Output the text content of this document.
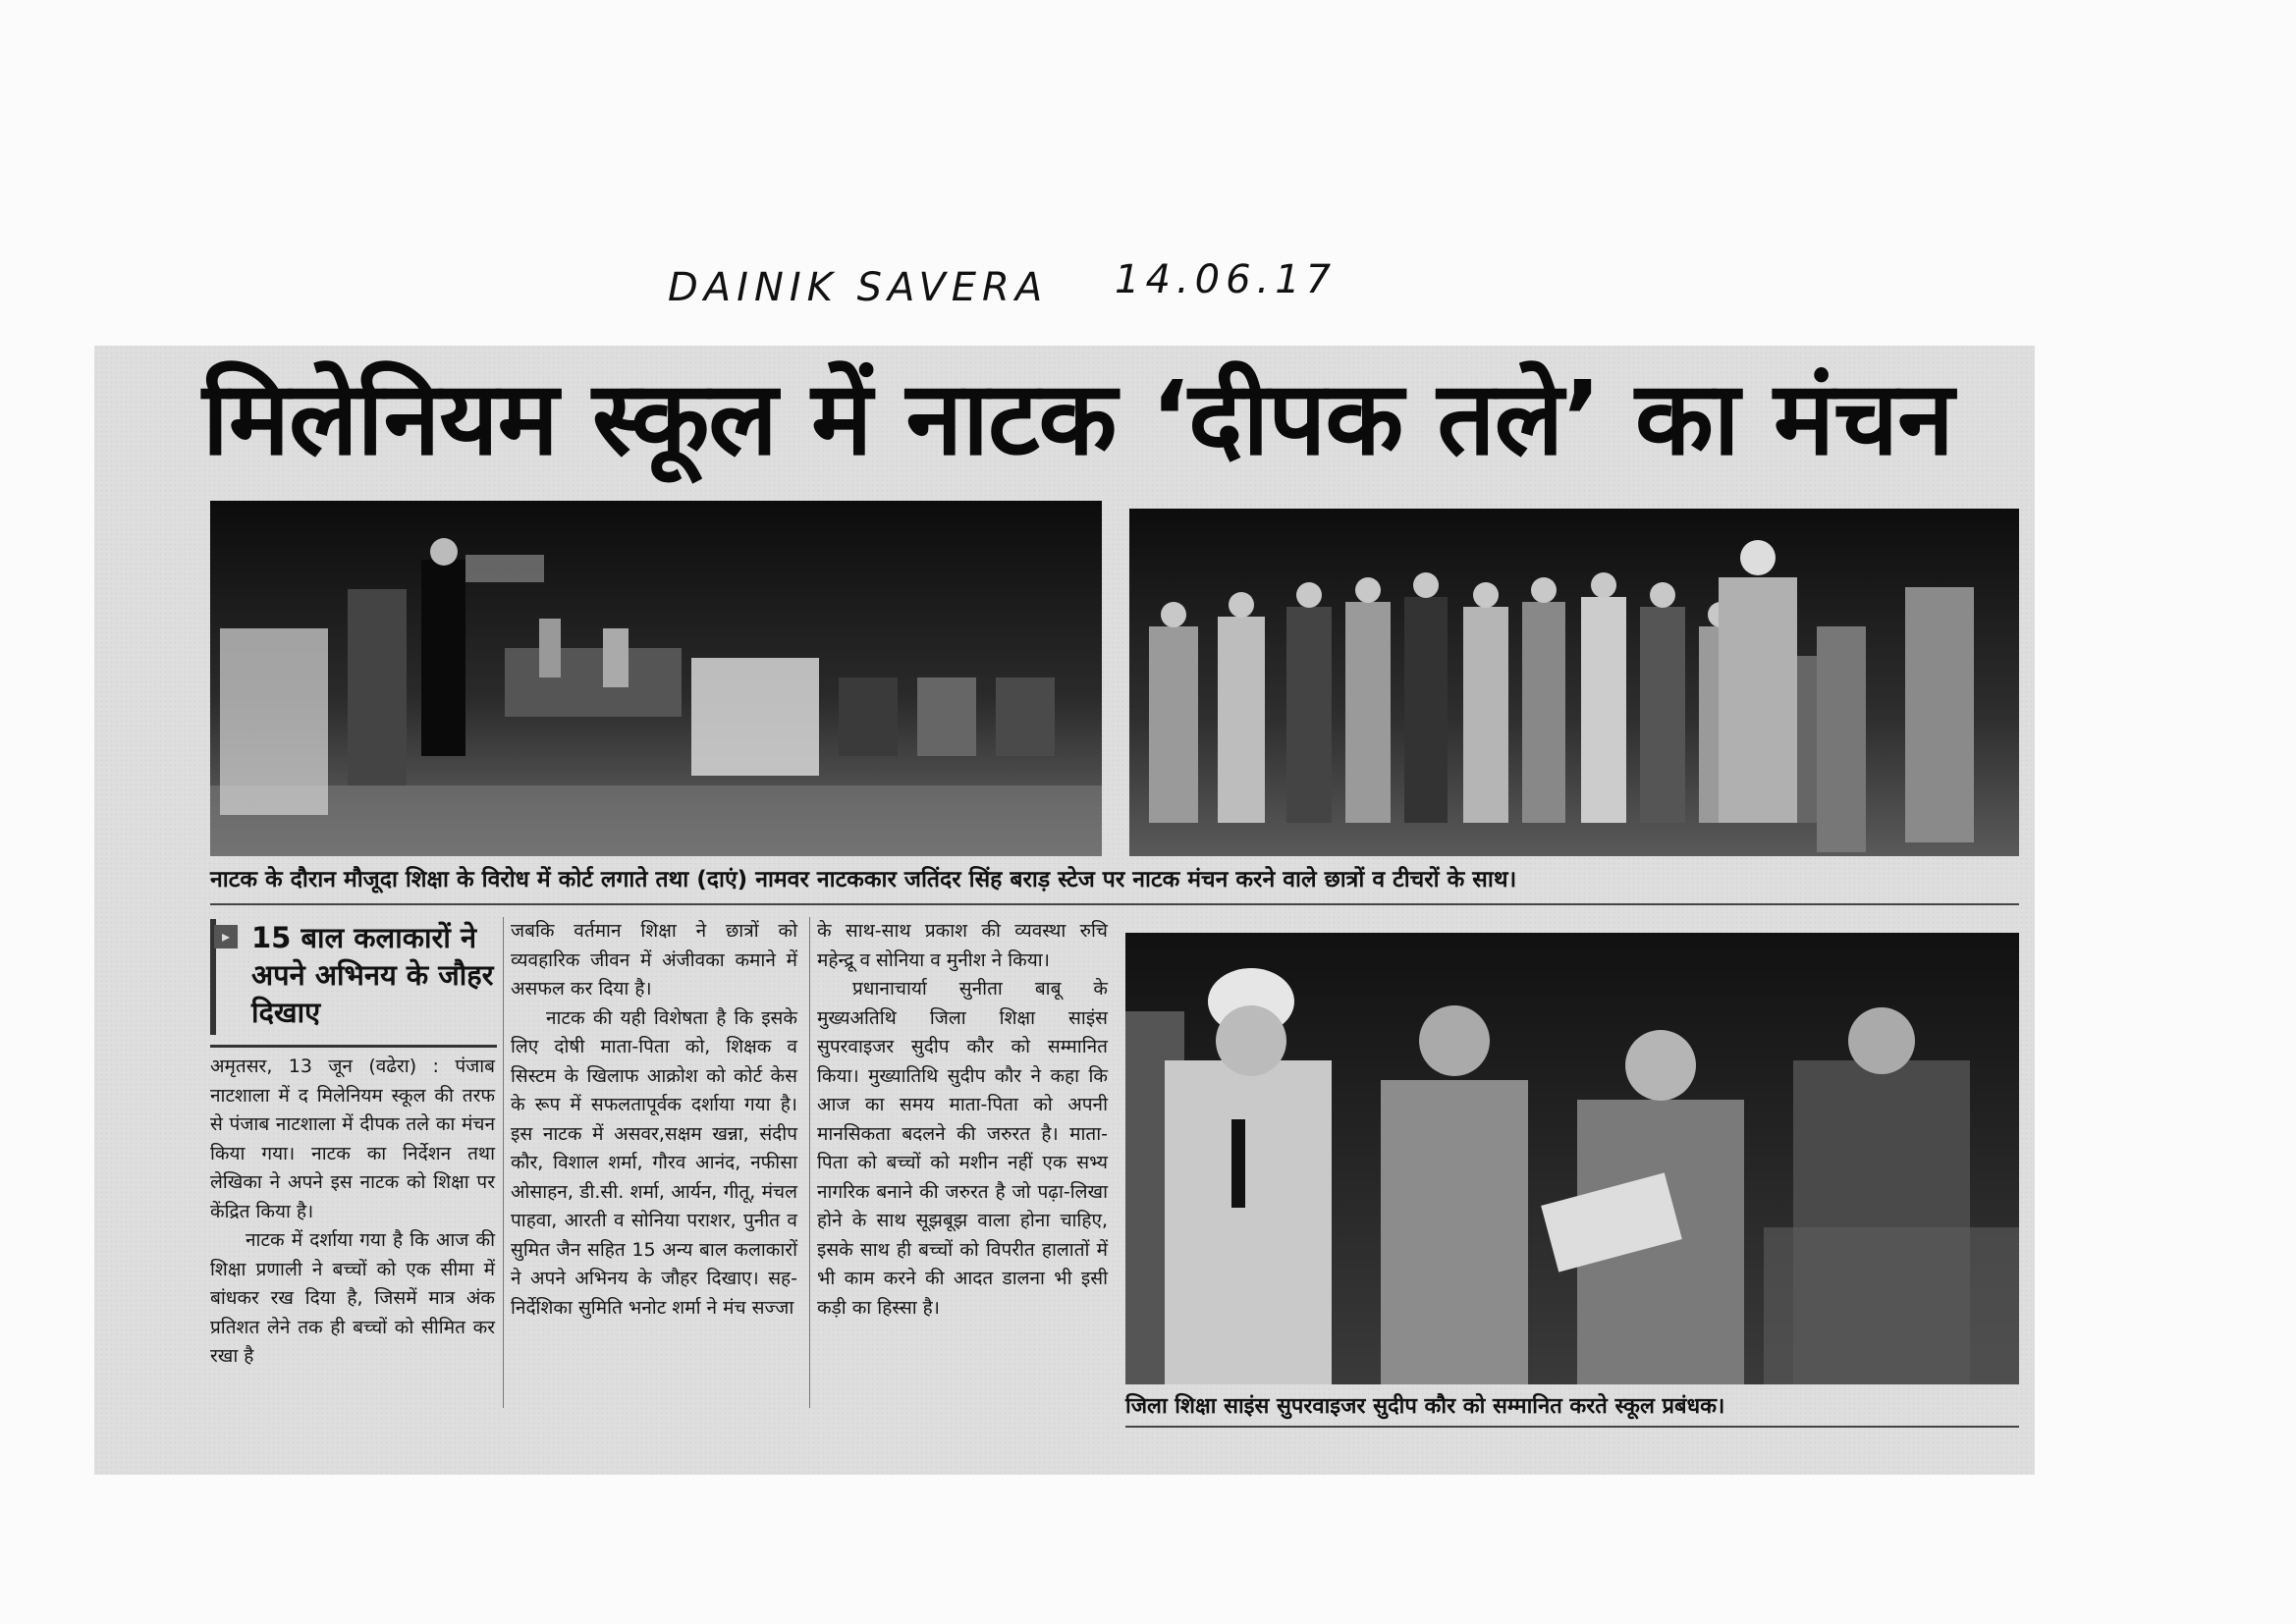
DAINIK SAVERA 14.06.17
मिलेनियम स्कूल में नाटक ‘दीपक तले’ का मंचन
नाटक के दौरान मौजूदा शिक्षा के विरोध में कोर्ट लगाते तथा (दाएं) नामवर नाटककार जतिंदर सिंह बराड़ स्टेज पर नाटक मंचन करने वाले छात्रों व टीचरों के साथ।
▸ 15 बाल कलाकारों ने अपने अभिनय के जौहर दिखाए

अमृतसर, 13 जून (वढेरा) : पंजाब नाटशाला में द मिलेनियम स्कूल की तरफ से पंजाब नाटशाला में दीपक तले का मंचन किया गया। नाटक का निर्देशन तथा लेखिका ने अपने इस नाटक को शिक्षा पर केंद्रित किया है।

नाटक में दर्शाया गया है कि आज की शिक्षा प्रणाली ने बच्चों को एक सीमा में बांधकर रख दिया है, जिसमें मात्र अंक प्रतिशत लेने तक ही बच्चों को सीमित कर रखा है

जबकि वर्तमान शिक्षा ने छात्रों को व्यवहारिक जीवन में अंजीवका कमाने में असफल कर दिया है।

नाटक की यही विशेषता है कि इसके लिए दोषी माता-पिता को, शिक्षक व सिस्टम के खिलाफ आक्रोश को कोर्ट केस के रूप में सफलतापूर्वक दर्शाया गया है। इस नाटक में असवर,सक्षम खन्ना, संदीप कौर, विशाल शर्मा, गौरव आनंद, नफीसा ओसाहन, डी.सी. शर्मा, आर्यन, गीतू, मंचल पाहवा, आरती व सोनिया पराशर, पुनीत व सुमित जैन सहित 15 अन्य बाल कलाकारों ने अपने अभिनय के जौहर दिखाए। सह-निर्देशिका सुमिति भनोट शर्मा ने मंच सज्जा

के साथ-साथ प्रकाश की व्यवस्था रुचि महेन्द्रू व सोनिया व मुनीश ने किया।

प्रधानाचार्या सुनीता बाबू के मुख्यअतिथि जिला शिक्षा साइंस सुपरवाइजर सुदीप कौर को सम्मानित किया। मुख्यातिथि सुदीप कौर ने कहा कि आज का समय माता-पिता को अपनी मानसिकता बदलने की जरुरत है। माता-पिता को बच्चों को मशीन नहीं एक सभ्य नागरिक बनाने की जरुरत है जो पढ़ा-लिखा होने के साथ सूझबूझ वाला होना चाहिए, इसके साथ ही बच्चों को विपरीत हालातों में भी काम करने की आदत डालना भी इसी कड़ी का हिस्सा है।

जिला शिक्षा साइंस सुपरवाइजर सुदीप कौर को सम्मानित करते स्कूल प्रबंधक।
